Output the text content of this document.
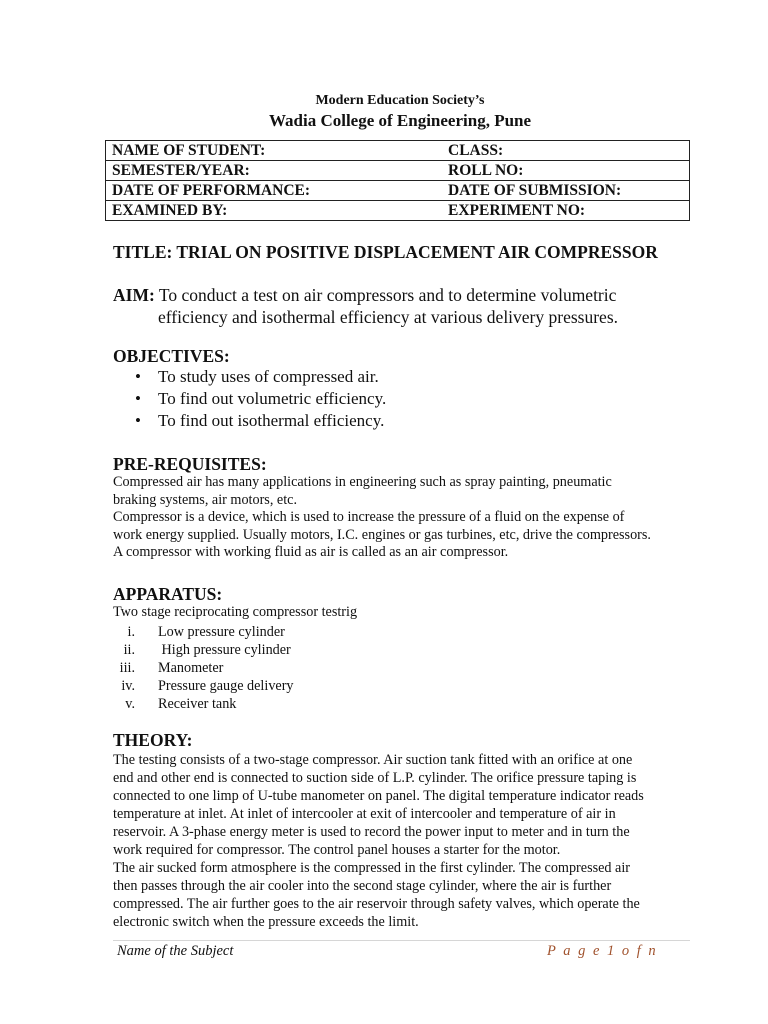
Modern Education Society’s
Wadia College of Engineering, Pune
NAME OF STUDENT:	CLASS:
SEMESTER/YEAR:	ROLL NO:
DATE OF PERFORMANCE:	DATE OF SUBMISSION:
EXAMINED BY:	EXPERIMENT NO:
TITLE: TRIAL ON POSITIVE DISPLACEMENT AIR COMPRESSOR
AIM: To conduct a test on air compressors and to determine volumetric
efficiency and isothermal efficiency at various delivery pressures.
OBJECTIVES:
• To study uses of compressed air.
• To find out volumetric efficiency.
• To find out isothermal efficiency.
PRE-REQUISITES:
Compressed air has many applications in engineering such as spray painting, pneumatic
braking systems, air motors, etc.
Compressor is a device, which is used to increase the pressure of a fluid on the expense of
work energy supplied. Usually motors, I.C. engines or gas turbines, etc, drive the compressors.
A compressor with working fluid as air is called as an air compressor.
APPARATUS:
Two stage reciprocating compressor testrig
i. Low pressure cylinder
ii. High pressure cylinder
iii. Manometer
iv. Pressure gauge delivery
v. Receiver tank
THEORY:
The testing consists of a two-stage compressor. Air suction tank fitted with an orifice at one
end and other end is connected to suction side of L.P. cylinder. The orifice pressure taping is
connected to one limp of U-tube manometer on panel. The digital temperature indicator reads
temperature at inlet. At inlet of intercooler at exit of intercooler and temperature of air in
reservoir. A 3-phase energy meter is used to record the power input to meter and in turn the
work required for compressor. The control panel houses a starter for the motor.
The air sucked form atmosphere is the compressed in the first cylinder. The compressed air
then passes through the air cooler into the second stage cylinder, where the air is further
compressed. The air further goes to the air reservoir through safety valves, which operate the
electronic switch when the pressure exceeds the limit.
Name of the Subject	P a g e 1 o f n
